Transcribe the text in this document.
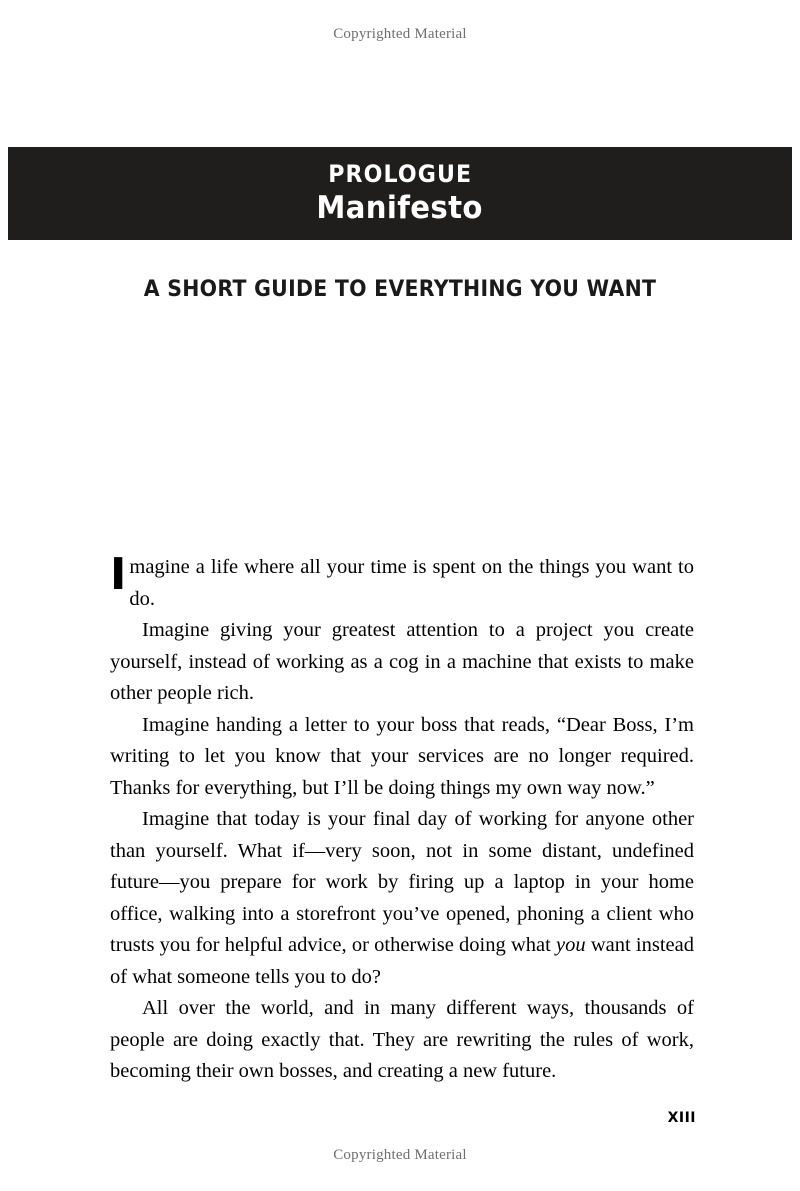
Copyrighted Material
PROLOGUE
Manifesto
A SHORT GUIDE TO EVERYTHING YOU WANT

Imagine a life where all your time is spent on the things you want to do.

Imagine giving your greatest attention to a project you create yourself, instead of working as a cog in a machine that exists to make other people rich.

Imagine handing a letter to your boss that reads, “Dear Boss, I’m writing to let you know that your services are no longer required. Thanks for everything, but I’ll be doing things my own way now.”

Imagine that today is your final day of working for anyone other than yourself. What if—very soon, not in some distant, undefined future—you prepare for work by firing up a laptop in your home office, walking into a storefront you’ve opened, phoning a client who trusts you for helpful advice, or otherwise doing what you want instead of what someone tells you to do?

All over the world, and in many different ways, thousands of people are doing exactly that. They are rewriting the rules of work, becoming their own bosses, and creating a new future.

XIII
Copyrighted Material
